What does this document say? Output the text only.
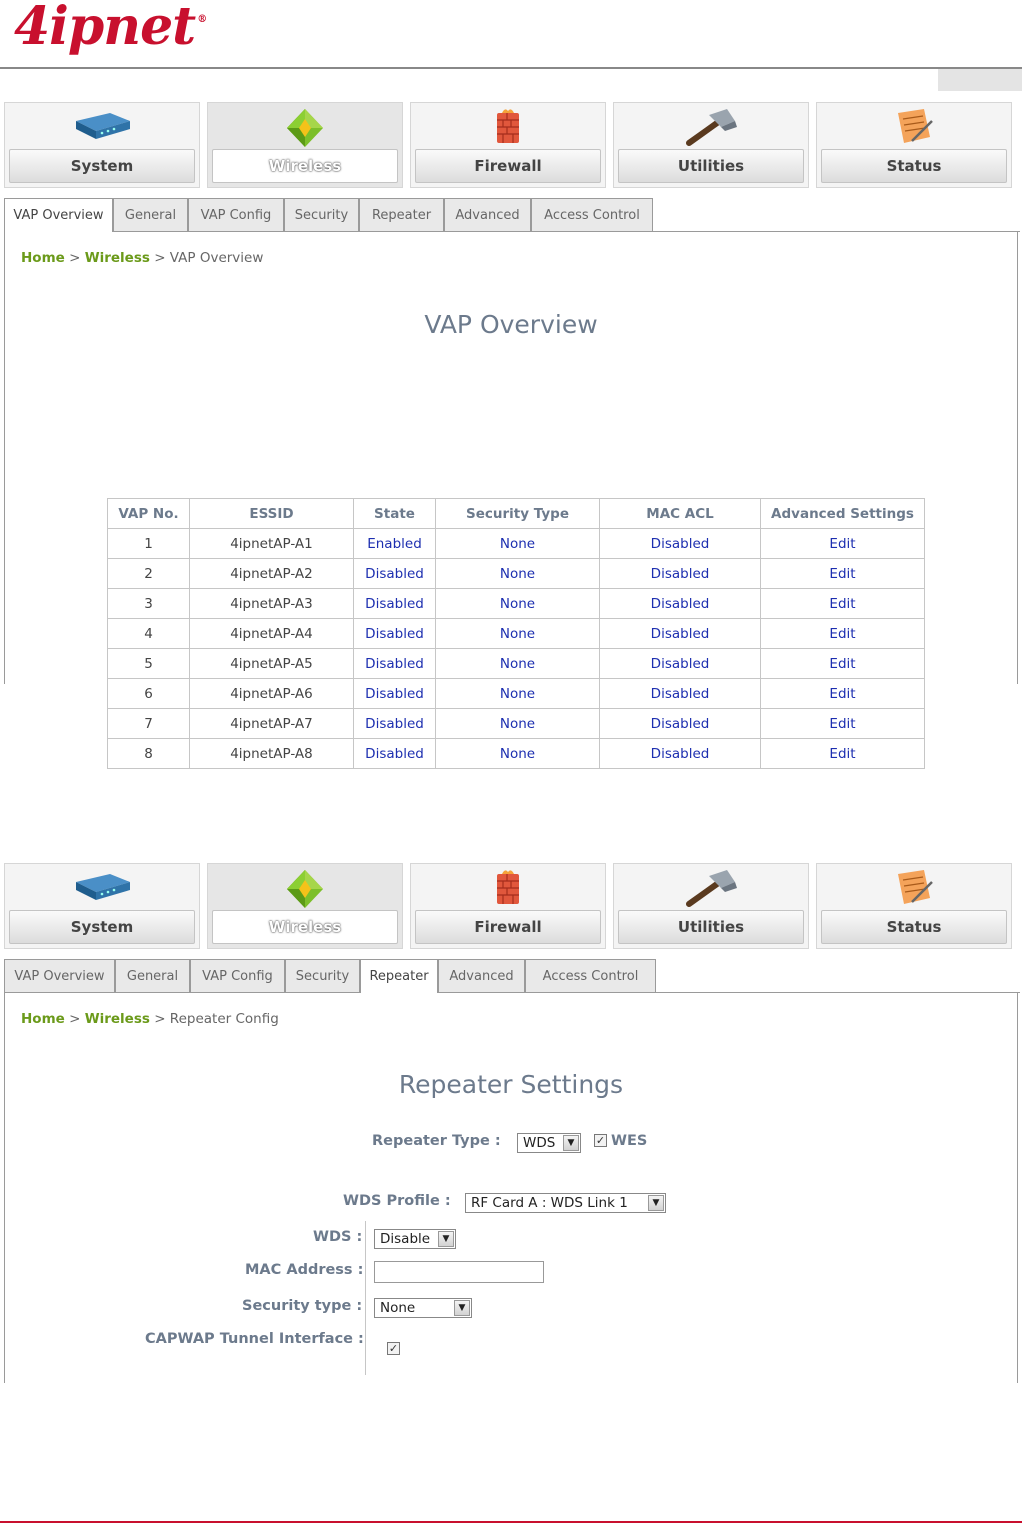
4ipnet ®
System	Wireless	Firewall	Utilities	Status
VAP Overview	General	VAP Config	Security	Repeater	Advanced	Access Control
Home > Wireless > VAP Overview
VAP Overview
VAP No.	ESSID	State	Security Type	MAC ACL	Advanced Settings
1	4ipnetAP-A1	Enabled	None	Disabled	Edit
2	4ipnetAP-A2	Disabled	None	Disabled	Edit
3	4ipnetAP-A3	Disabled	None	Disabled	Edit
4	4ipnetAP-A4	Disabled	None	Disabled	Edit
5	4ipnetAP-A5	Disabled	None	Disabled	Edit
6	4ipnetAP-A6	Disabled	None	Disabled	Edit
7	4ipnetAP-A7	Disabled	None	Disabled	Edit
8	4ipnetAP-A8	Disabled	None	Disabled	Edit
System	Wireless	Firewall	Utilities	Status
VAP Overview	General	VAP Config	Security	Repeater	Advanced	Access Control
Home > Wireless > Repeater Config
Repeater Settings
Repeater Type :	WDS	▼	✓ WES
WDS Profile :	RF Card A : WDS Link 1	▼
WDS :	Disable	▼
MAC Address :
Security type :	None	▼
CAPWAP Tunnel Interface :
✓
